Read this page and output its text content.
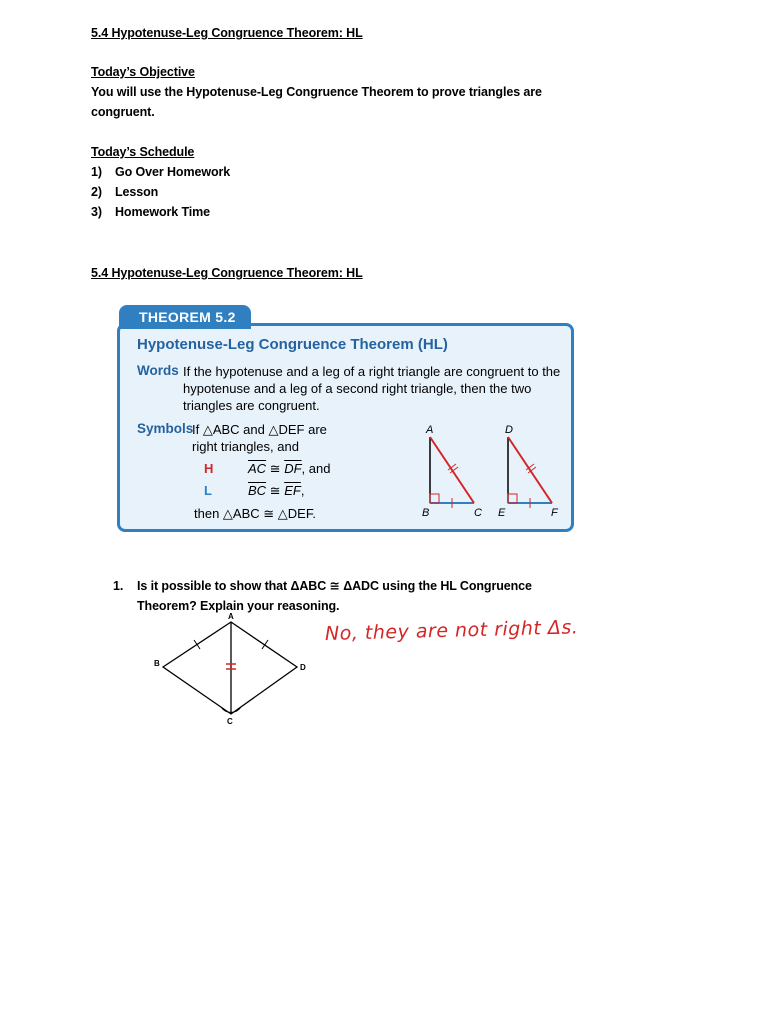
5.4 Hypotenuse-Leg Congruence Theorem: HL
Today’s Objective
You will use the Hypotenuse-Leg Congruence Theorem to prove triangles are
congruent.
Today’s Schedule
1) Go Over Homework
2) Lesson
3) Homework Time
5.4 Hypotenuse-Leg Congruence Theorem: HL
THEOREM 5.2
Hypotenuse-Leg Congruence Theorem (HL)
Words If the hypotenuse and a leg of a right triangle are congruent to the hypotenuse and a leg of a second right triangle, then the two triangles are congruent.
Symbols
If △ABC and △DEF are
right triangles, and
H	$\overline{AC}$ ≅ $\overline{DF}$, and
L	$\overline{BC}$ ≅ $\overline{EF}$,
then △ABC ≅ △DEF.
A
B	C
D
E	F
1. Is it possible to show that ΔABC ≅ ΔADC using the HL Congruence
Theorem? Explain your reasoning.
A
B
C
D
No, they are not right Δs.
